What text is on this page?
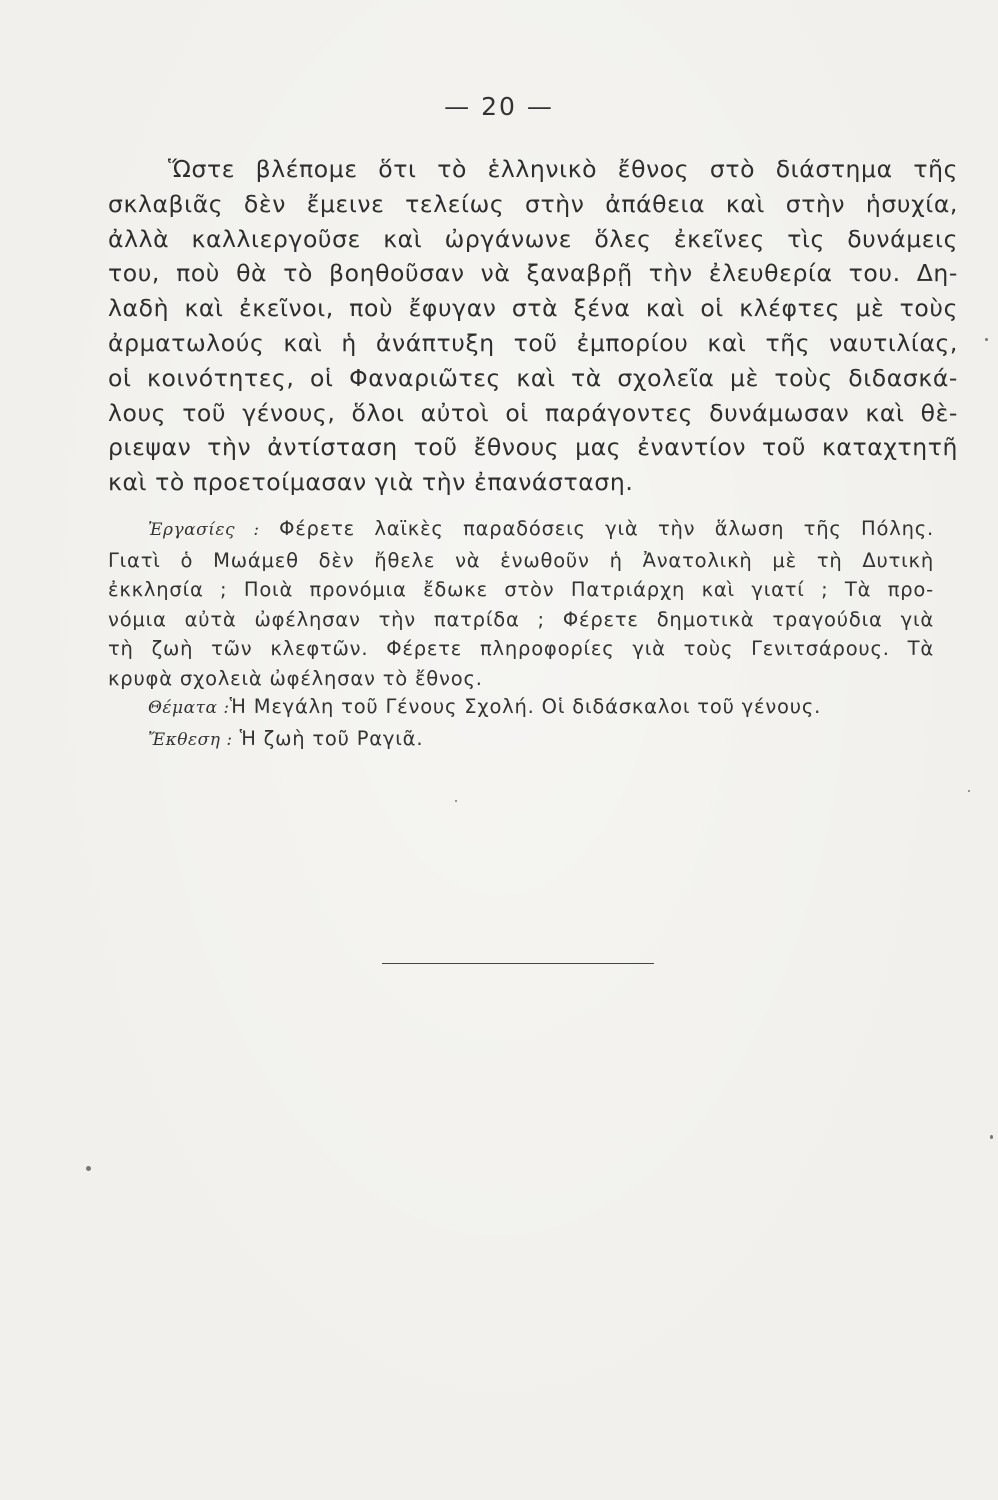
— 20 —
Ὥστε βλέπομε ὅτι τὸ ἑλληνικὸ ἔθνος στὸ διάστημα τῆς
σκλαβιᾶς δὲν ἔμεινε τελείως στὴν ἀπάθεια καὶ στὴν ἡσυχία,
ἀλλὰ καλλιεργοῦσε καὶ ὠργάνωνε ὅλες ἐκεῖνες τὶς δυνάμεις
του, ποὺ θὰ τὸ βοηθοῦσαν νὰ ξαναβρῇ τὴν ἐλευθερία του. Δη-
λαδὴ καὶ ἐκεῖνοι, ποὺ ἔφυγαν στὰ ξένα καὶ οἱ κλέφτες μὲ τοὺς
ἀρματωλούς καὶ ἡ ἀνάπτυξη τοῦ ἐμπορίου καὶ τῆς ναυτιλίας,
οἱ κοινότητες, οἱ Φαναριῶτες καὶ τὰ σχολεῖα μὲ τοὺς διδασκά-
λους τοῦ γένους, ὅλοι αὐτοὶ οἱ παράγοντες δυνάμωσαν καὶ θὲ-
ριεψαν τὴν ἀντίσταση τοῦ ἔθνους μας ἐναντίον τοῦ καταχτητῆ
καὶ τὸ προετοίμασαν γιὰ τὴν ἐπανάσταση.
Ἐργασίες : Φέρετε λαϊκὲς παραδόσεις γιὰ τὴν ἅλωση τῆς Πόλης.
Γιατὶ ὁ Μωάμεθ δὲν ἤθελε νὰ ἑνωθοῦν ἡ Ἀνατολικὴ μὲ τὴ Δυτικὴ
ἐκκλησία ; Ποιὰ προνόμια ἔδωκε στὸν Πατριάρχη καὶ γιατί ; Τὰ προ-
νόμια αὐτὰ ὠφέλησαν τὴν πατρίδα ; Φέρετε δημοτικὰ τραγούδια γιὰ
τὴ ζωὴ τῶν κλεφτῶν. Φέρετε πληροφορίες γιὰ τοὺς Γενιτσάρους. Τὰ
κρυφὰ σχολειὰ ὠφέλησαν τὸ ἔθνος.
Θέματα :Ἡ Μεγάλη τοῦ Γένους Σχολή. Οἱ διδάσκαλοι τοῦ γένους.
Ἔκθεση : Ἡ ζωὴ τοῦ Ραγιᾶ.
